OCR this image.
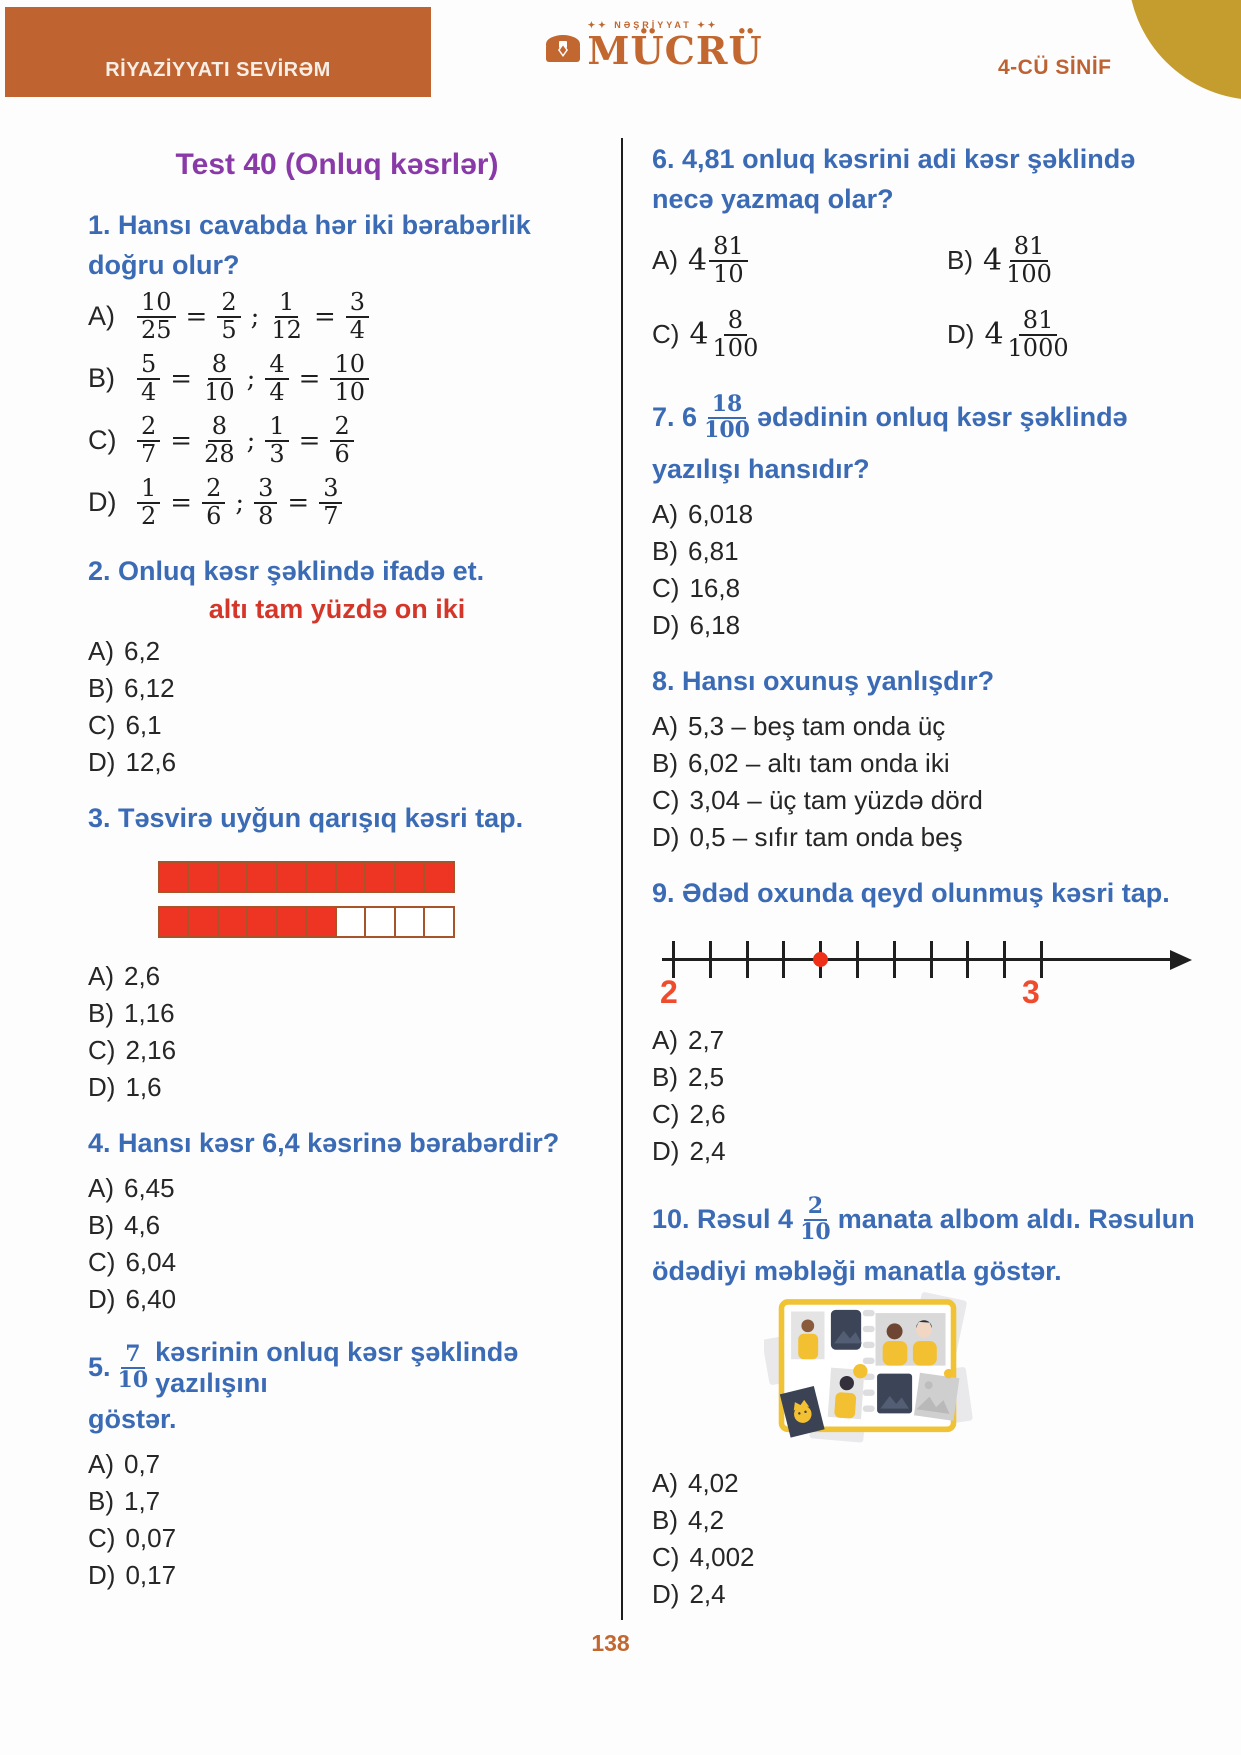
RİYAZİYYATI SEVİRƏM
✦✦ NƏŞRİYYAT ✦✦
MÜCRÜ	4-CÜ SİNİF
Test 40 (Onluq kəsrlər)

1. Hansı cavabda hər iki bərabərlik doğru olur?

$A) \frac{10}{25} = \frac{2}{5}$ ; $\frac{1}{12} = \frac{3}{4}$
$B) \frac{5}{4} = \frac{8}{10}$ ; $\frac{4}{4} = \frac{10}{10}$
$C) \frac{2}{7} = \frac{8}{28}$ ; $\frac{1}{3} = \frac{2}{6}$
$D) \frac{1}{2} = \frac{2}{6}$ ; $\frac{3}{8} = \frac{3}{7}$

2. Onluq kəsr şəklində ifadə et.

altı tam yüzdə on iki
A) 6,2
B) 6,12
C) 6,1
D) 12,6

3. Təsvirə uyğun qarışıq kəsri tap.

A) 2,6
B) 1,16
C) 2,16
D) 1,6

4. Hansı kəsr 6,4 kəsrinə bərabərdir?

A) 6,45
B) 4,6
C) 6,04
D) 6,40
5. 7
10
kəsrinin onluq kəsr şəklində yazılışını

göstər.

A) 0,7
B) 1,7
C) 0,07
D) 0,17

6. 4,81 onluq kəsrini adi kəsr şəklində necə yazmaq olar?

A) 4 81
10	B) 4 81
100
C) 4 8
100	D) 4 81
1000
7. 6 18
100 ədədinin onluq kəsr şəklində

yazılışı hansıdır?

A) 6,018
B) 6,81
C) 16,8
D) 6,18

8. Hansı oxunuş yanlışdır?

A) 5,3 – beş tam onda üç
B) 6,02 – altı tam onda iki
C) 3,04 – üç tam yüzdə dörd
D) 0,5 – sıfır tam onda beş

9. Ədəd oxunda qeyd olunmuş kəsri tap.

2	3
A) 2,7
B) 2,5
C) 2,6
D) 2,4
10. Rəsul 4 2
10 manata albom aldı. Rəsulun

ödədiyi məbləği manatla göstər.

A) 4,02
B) 4,2
C) 4,002
D) 2,4
138
